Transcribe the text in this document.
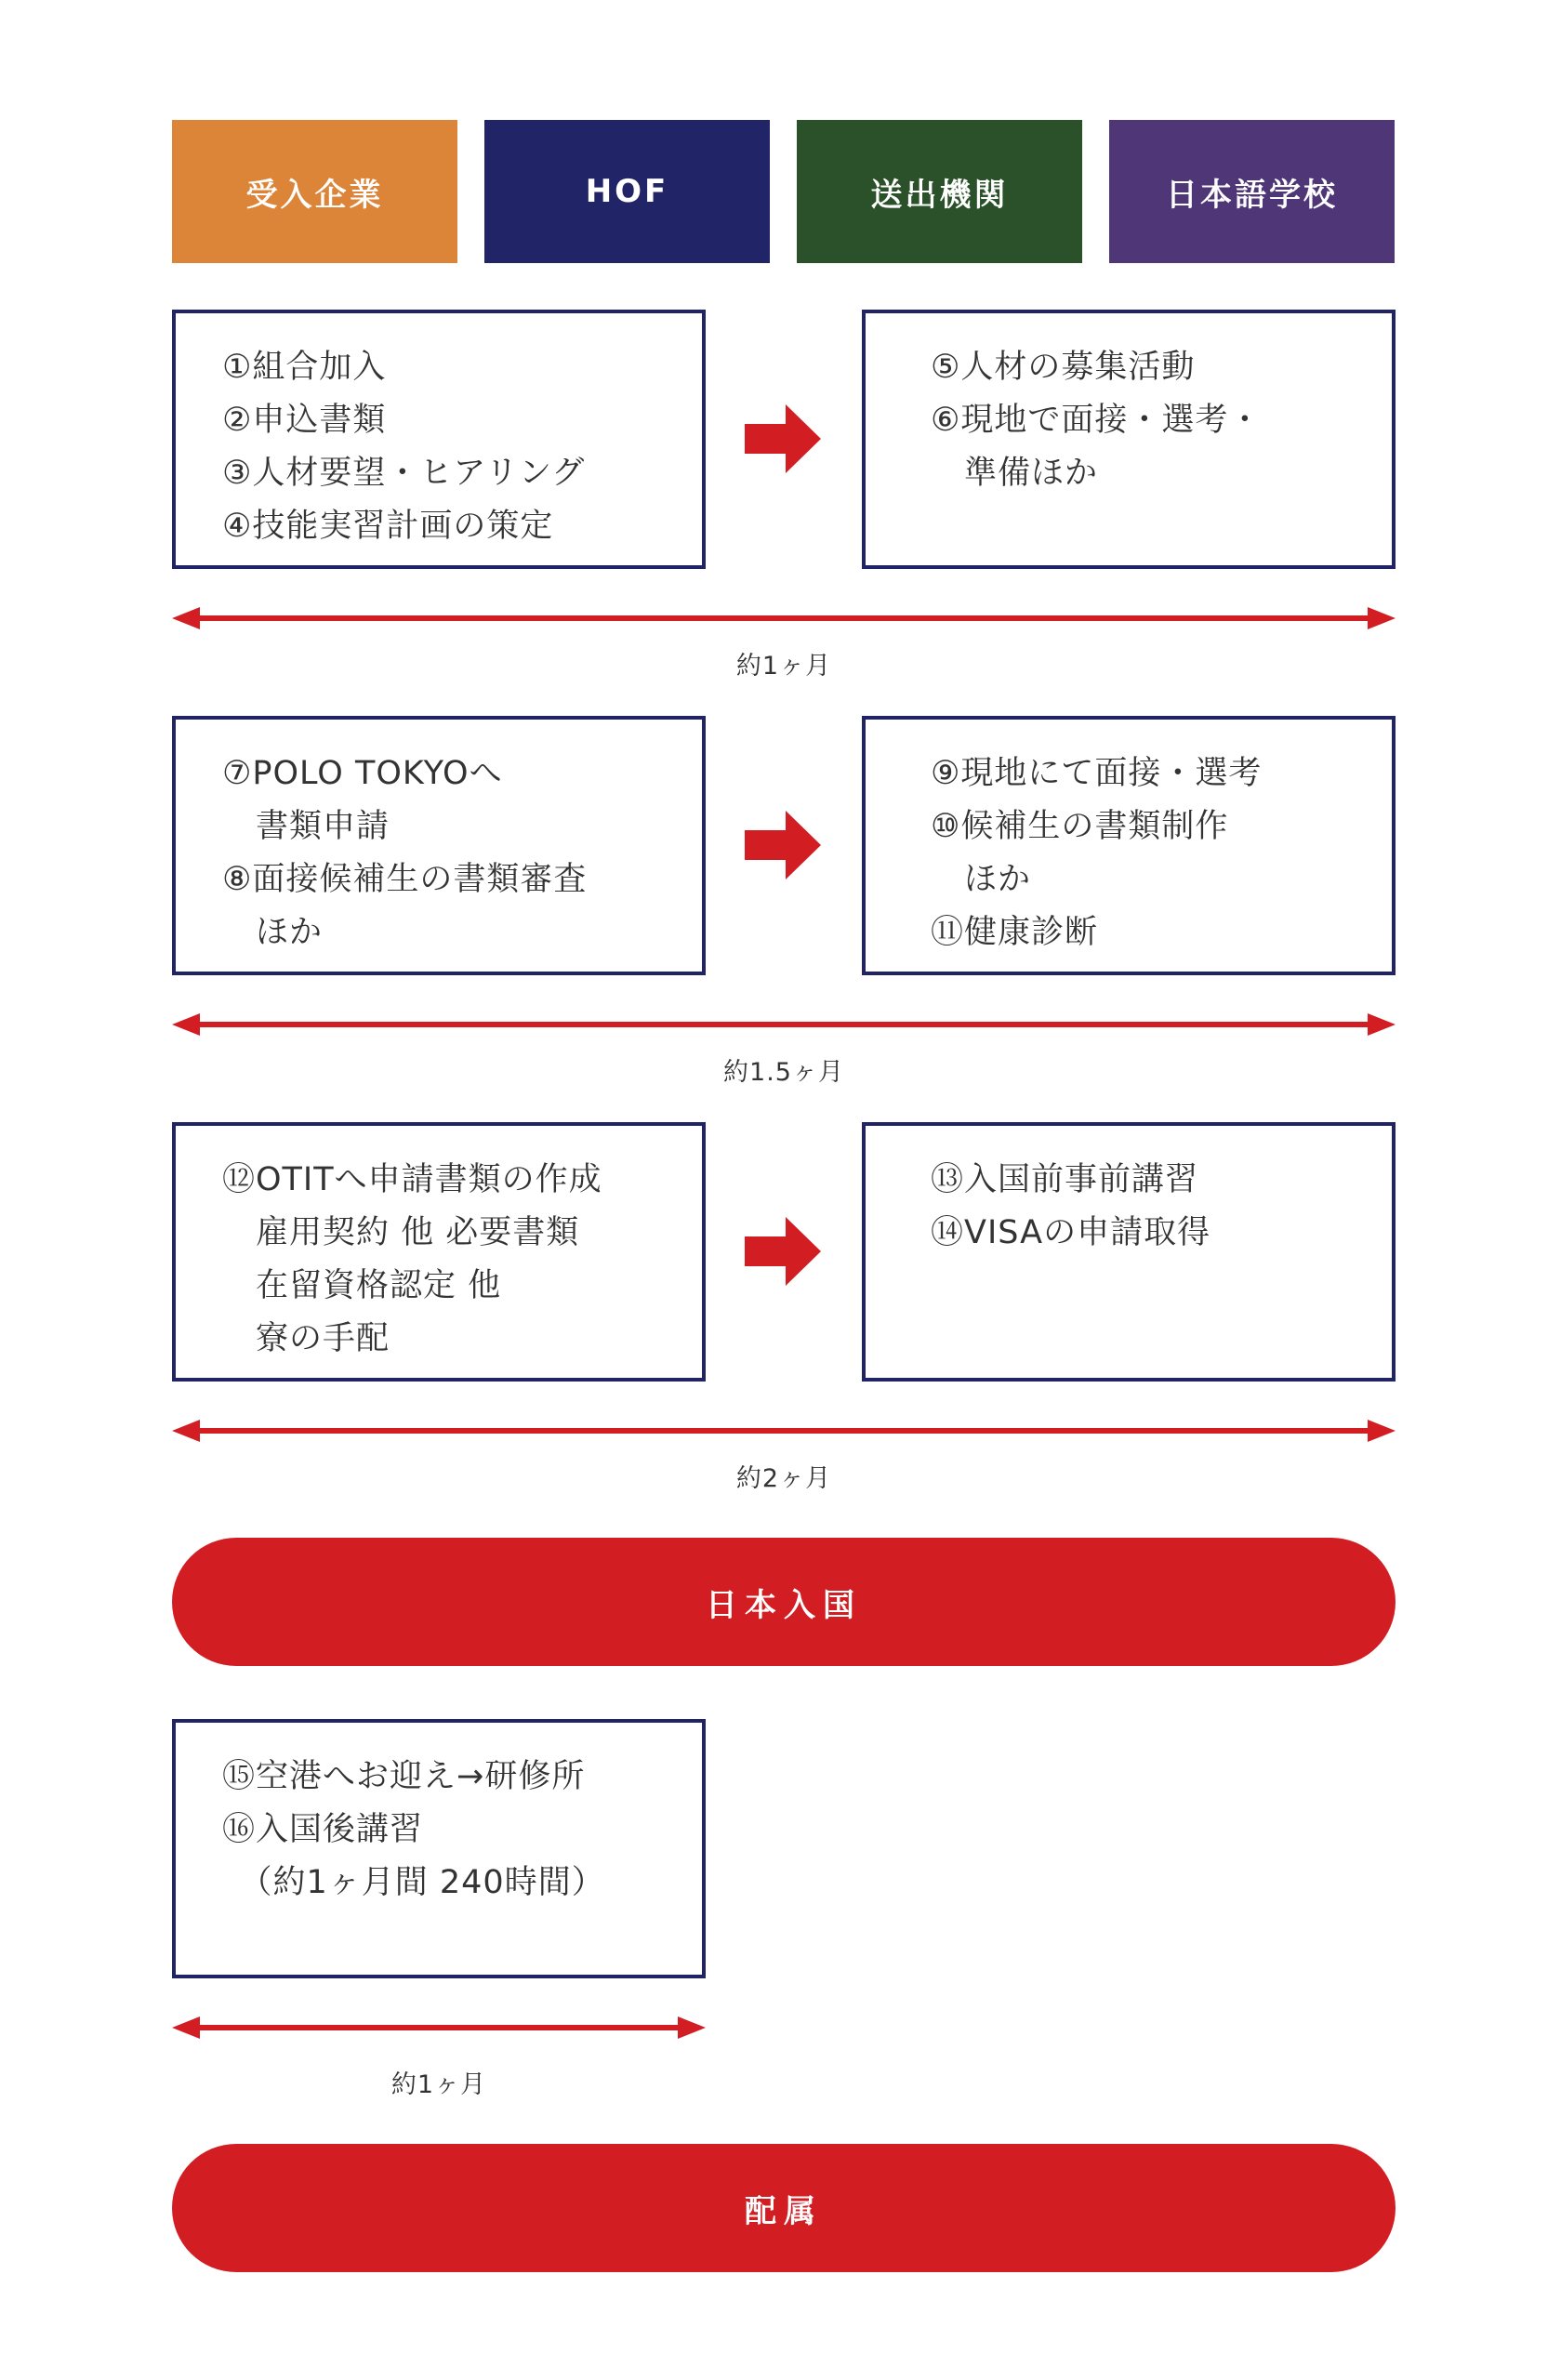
受入企業	HOF	送出機関	日本語学校
①組合加入
②申込書類
③人材要望・ヒアリング
④技能実習計画の策定
⑤人材の募集活動
⑥現地で面接・選考・
　準備ほか
約1ヶ月
⑦POLO TOKYOへ
　書類申請
⑧面接候補生の書類審査
　ほか
⑨現地にて面接・選考
⑩候補生の書類制作
　ほか
⑪健康診断
約1.5ヶ月
⑫OTITへ申請書類の作成
　雇用契約 他 必要書類
　在留資格認定 他
　寮の手配
⑬入国前事前講習
⑭VISAの申請取得
約2ヶ月
日本入国
⑮空港へお迎え→研修所
⑯入国後講習
　（約1ヶ月間 240時間）
約1ヶ月
配属
